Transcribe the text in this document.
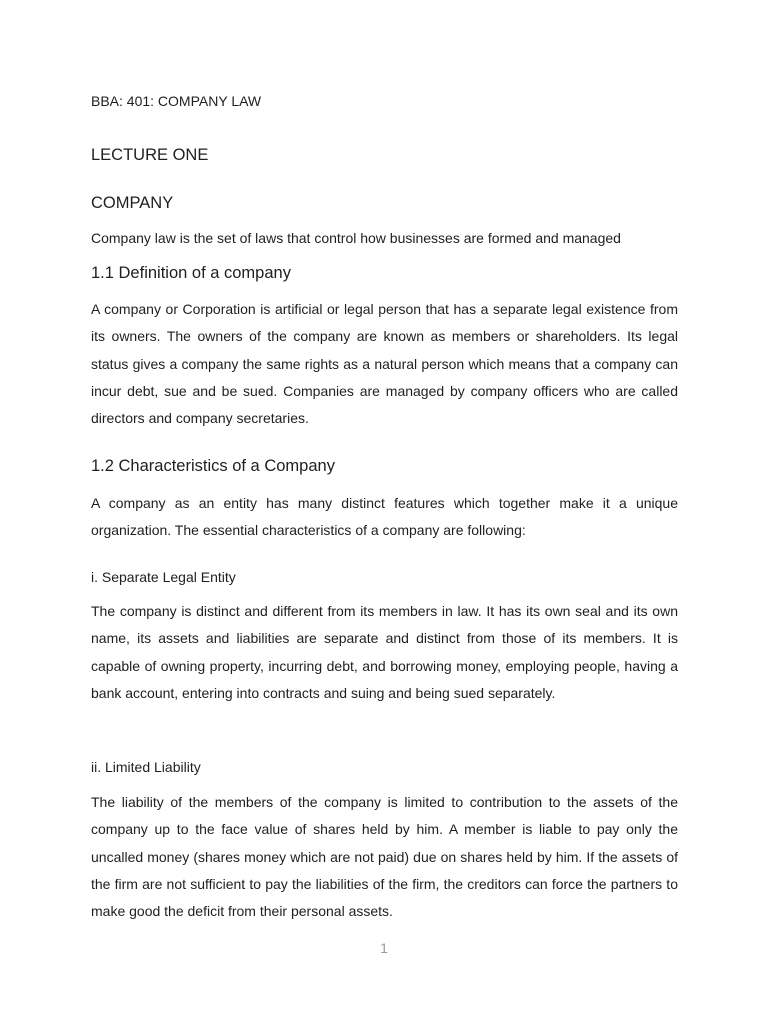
BBA: 401: COMPANY LAW

LECTURE ONE
COMPANY

Company law is the set of laws that control how businesses are formed and managed

1.1 Definition of a company

A company or Corporation is artificial or legal person that has a separate legal existence from its owners. The owners of the company are known as members or shareholders. Its legal status gives a company the same rights as a natural person which means that a company can incur debt, sue and be sued. Companies are managed by company officers who are called directors and company secretaries.

1.2 Characteristics of a Company

A company as an entity has many distinct features which together make it a unique organization. The essential characteristics of a company are following:

i. Separate Legal Entity

The company is distinct and different from its members in law. It has its own seal and its own name, its assets and liabilities are separate and distinct from those of its members. It is capable of owning property, incurring debt, and borrowing money, employing people, having a bank account, entering into contracts and suing and being sued separately.

ii. Limited Liability

The liability of the members of the company is limited to contribution to the assets of the company up to the face value of shares held by him. A member is liable to pay only the uncalled money (shares money which are not paid) due on shares held by him. If the assets of the firm are not sufficient to pay the liabilities of the firm, the creditors can force the partners to make good the deficit from their personal assets.

1
